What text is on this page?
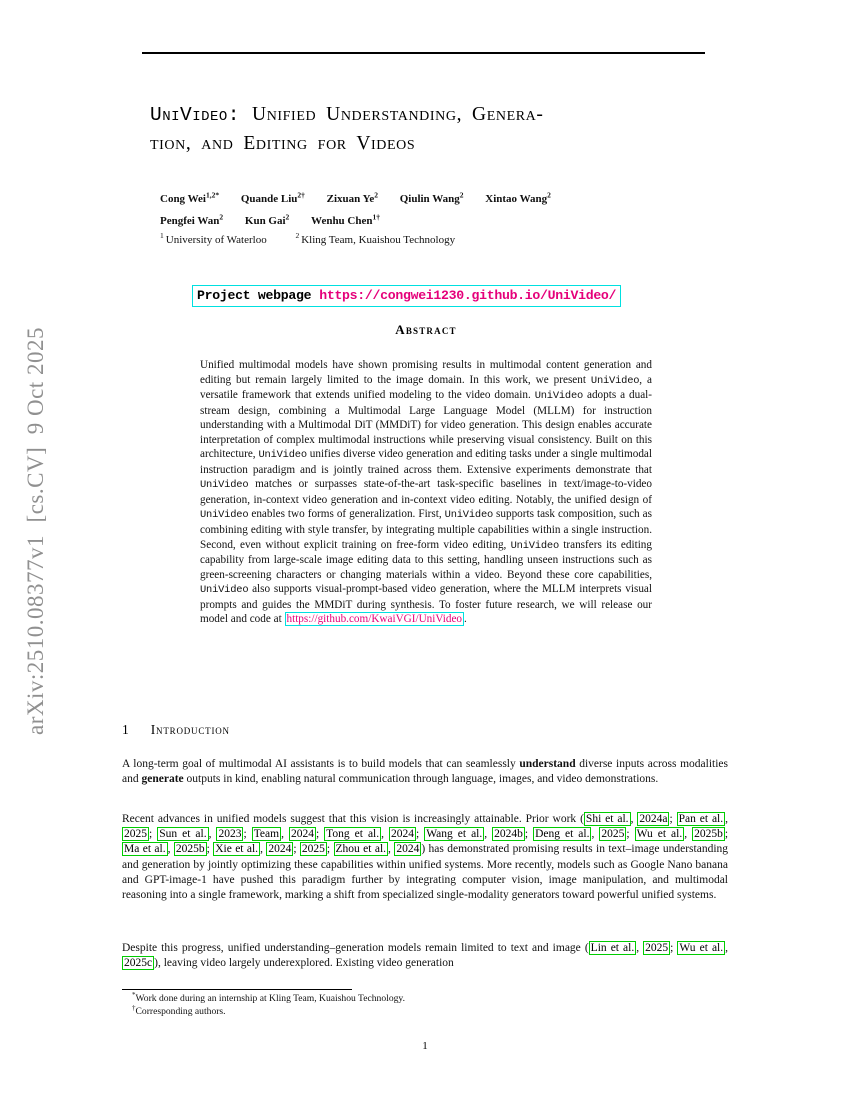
arXiv:2510.08377v1  [cs.CV]  9 Oct 2025
UniVideo: Unified Understanding, Genera-
tion, and Editing for Videos
Cong Wei$^{1,2*}$ Quande Liu$^{2\dagger}$ Zixuan Ye$^2$ Qiulin Wang$^2$ Xintao Wang$^2$
Pengfei Wan$^2$ Kun Gai$^2$ Wenhu Chen$^{1\dagger}$
$^1$ University of Waterloo	$^2$ Kling Team, Kuaishou Technology
Project webpage https://congwei1230.github.io/UniVideo/
Abstract
Unified multimodal models have shown promising results in multimodal content generation and editing but remain largely limited to the image domain. In this work, we present UniVideo, a versatile framework that extends unified modeling to the video domain. UniVideo adopts a dual-stream design, combining a Multimodal Large Language Model (MLLM) for instruction understanding with a Multimodal DiT (MMDiT) for video generation. This design enables accurate interpretation of complex multimodal instructions while preserving visual consistency. Built on this architecture, UniVideo unifies diverse video generation and editing tasks under a single multimodal instruction paradigm and is jointly trained across them. Extensive experiments demonstrate that UniVideo matches or surpasses state-of-the-art task-specific baselines in text/image-to-video generation, in-context video generation and in-context video editing. Notably, the unified design of UniVideo enables two forms of generalization. First, UniVideo supports task composition, such as combining editing with style transfer, by integrating multiple capabilities within a single instruction. Second, even without explicit training on free-form video editing, UniVideo transfers its editing capability from large-scale image editing data to this setting, handling unseen instructions such as green-screening characters or changing materials within a video. Beyond these core capabilities, UniVideo also supports visual-prompt-based video generation, where the MLLM interprets visual prompts and guides the MMDiT during synthesis. To foster future research, we will release our model and code at https://github.com/KwaiVGI/UniVideo .
1 Introduction

A long-term goal of multimodal AI assistants is to build models that can seamlessly understand diverse inputs across modalities and generate outputs in kind, enabling natural communication through language, images, and video demonstrations.

Recent advances in unified models suggest that this vision is increasingly attainable. Prior work ( Shi et al. , 2024a ; Pan et al. , 2025 ; Sun et al. , 2023 ; Team , 2024 ; Tong et al. , 2024 ; Wang et al. , 2024b ; Deng et al. , 2025 ; Wu et al. , 2025b ; Ma et al. , 2025b ; Xie et al. , 2024 ; 2025 ; Zhou et al. , 2024 ) has demonstrated promising results in text–image understanding and generation by jointly optimizing these capabilities within unified systems. More recently, models such as Google Nano banana and GPT-image-1 have pushed this paradigm further by integrating computer vision, image manipulation, and multimodal reasoning into a single framework, marking a shift from specialized single-modality generators toward powerful unified systems.

Despite this progress, unified understanding–generation models remain limited to text and image ( Lin et al. , 2025 ; Wu et al. , 2025c ), leaving video largely underexplored. Existing video generation

*Work done during an internship at Kling Team, Kuaishou Technology.
†Corresponding authors.
1
